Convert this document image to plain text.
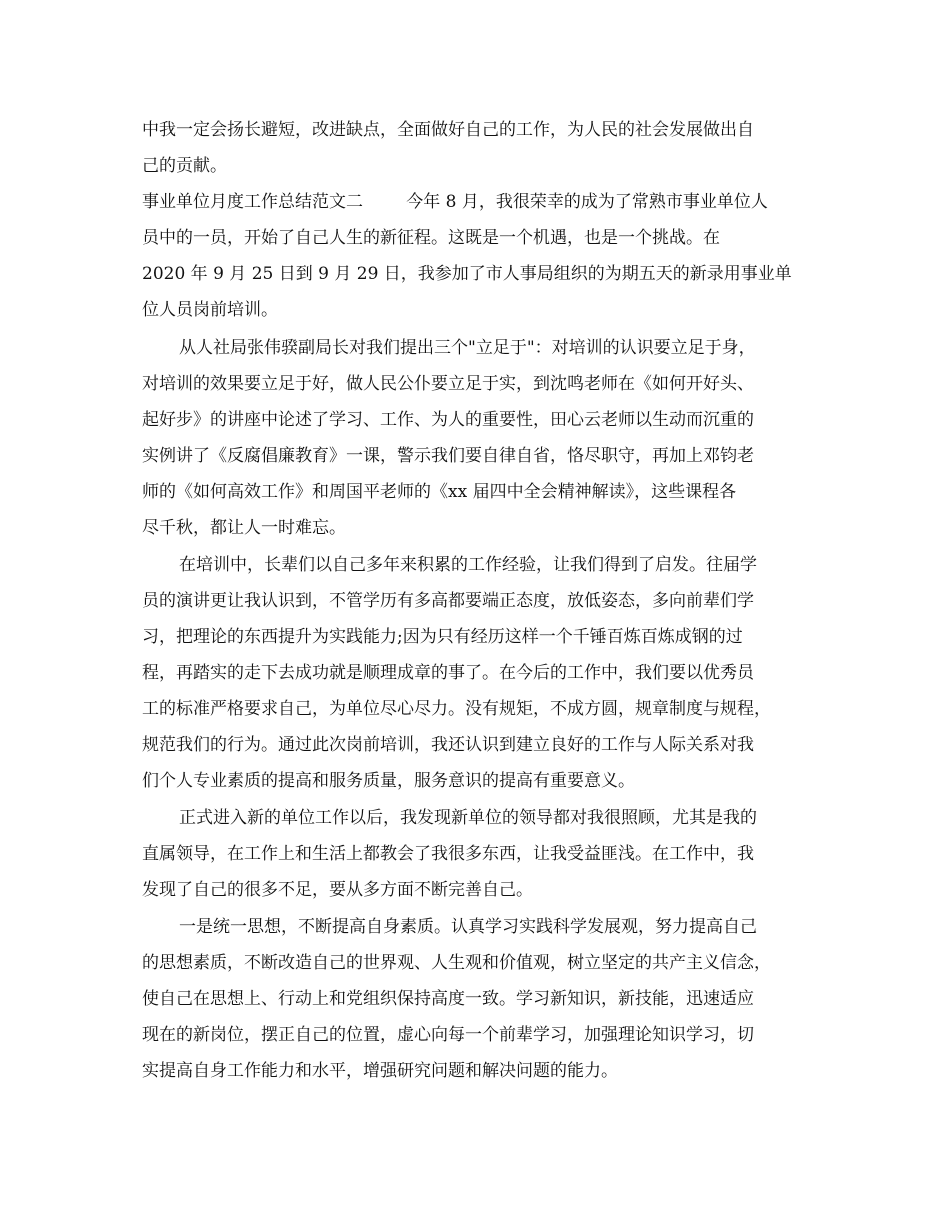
中我一定会扬长避短，改进缺点，全面做好自己的工作，为人民的社会发展做出自
己的贡献。
事业单位月度工作总结范文二        今年 8 月，我很荣幸的成为了常熟市事业单位人
员中的一员，开始了自己人生的新征程。这既是一个机遇，也是一个挑战。在
2020 年 9 月 25 日到 9 月 29 日，我参加了市人事局组织的为期五天的新录用事业单
位人员岗前培训。
从人社局张伟骙副局长对我们提出三个"立足于"：对培训的认识要立足于身，
对培训的效果要立足于好，做人民公仆要立足于实，到沈鸣老师在《如何开好头、
起好步》的讲座中论述了学习、工作、为人的重要性，田心云老师以生动而沉重的
实例讲了《反腐倡廉教育》一课，警示我们要自律自省，恪尽职守，再加上邓钧老
师的《如何高效工作》和周国平老师的《xx 届四中全会精神解读》，这些课程各
尽千秋，都让人一时难忘。
在培训中，长辈们以自己多年来积累的工作经验，让我们得到了启发。往届学
员的演讲更让我认识到，不管学历有多高都要端正态度，放低姿态，多向前辈们学
习，把理论的东西提升为实践能力;因为只有经历这样一个千锤百炼百炼成钢的过
程，再踏实的走下去成功就是顺理成章的事了。在今后的工作中，我们要以优秀员
工的标准严格要求自己，为单位尽心尽力。没有规矩，不成方圆，规章制度与规程，
规范我们的行为。通过此次岗前培训，我还认识到建立良好的工作与人际关系对我
们个人专业素质的提高和服务质量，服务意识的提高有重要意义。
正式进入新的单位工作以后，我发现新单位的领导都对我很照顾，尤其是我的
直属领导，在工作上和生活上都教会了我很多东西，让我受益匪浅。在工作中，我
发现了自己的很多不足，要从多方面不断完善自己。
一是统一思想，不断提高自身素质。认真学习实践科学发展观，努力提高自己
的思想素质，不断改造自己的世界观、人生观和价值观，树立坚定的共产主义信念，
使自己在思想上、行动上和党组织保持高度一致。学习新知识，新技能，迅速适应
现在的新岗位，摆正自己的位置，虚心向每一个前辈学习，加强理论知识学习，切
实提高自身工作能力和水平，增强研究问题和解决问题的能力。
